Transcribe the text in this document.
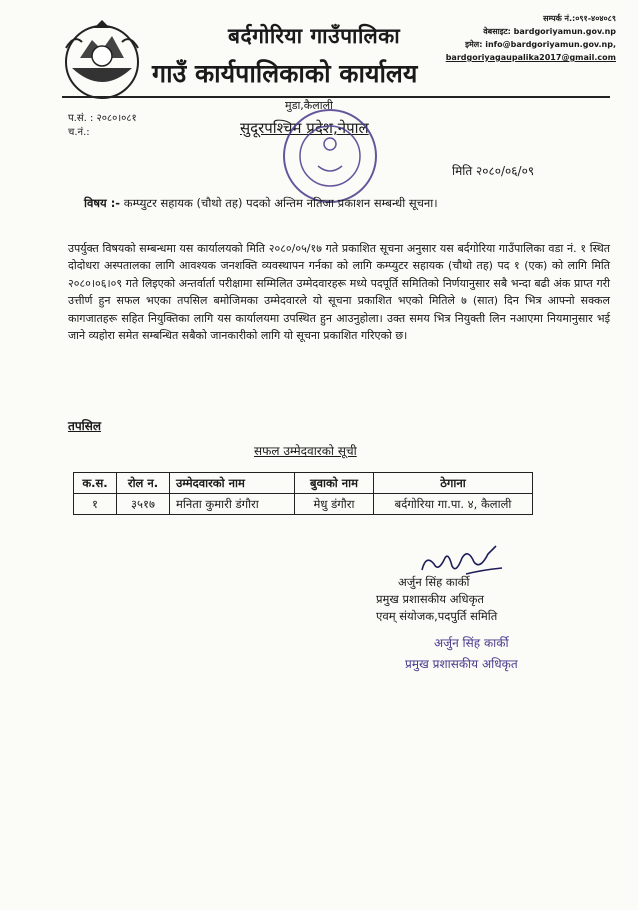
बर्दगोरिया गाउँपालिका
गाउँ कार्यपालिकाको कार्यालय
सम्पर्क नं.:०९१-४०४०८९
वेबसाइट: bardgoriyamun.gov.np
इमेल: info@bardgoriyamun.gov.np,
bardgoriyagaupalika2017@gmail.com
प.सं. : २०८०।०८१
च.नं.:
मुडा,कैलाली
सुदूरपश्चिम प्रदेश,नेपाल
मिति २०८०/०६/०९
विषय :- कम्प्युटर सहायक (चौथो तह) पदको अन्तिम नतिजा प्रकाशन सम्बन्धी सूचना।
उपर्युक्त विषयको सम्बन्धमा यस कार्यालयको मिति २०८०/०५/१७ गते प्रकाशित सूचना अनुसार यस बर्दगोरिया गाउँपालिका वडा नं. १ स्थित दोदोधरा अस्पतालका लागि आवश्यक जनशक्ति व्यवस्थापन गर्नका को लागि कम्प्युटर सहायक (चौथो तह) पद १ (एक) को लागि मिति २०८०।०६।०९ गते लिइएको अन्तर्वार्ता परीक्षामा सम्मिलित उम्मेदवारहरू मध्ये पदपूर्ति समितिको निर्णयानुसार सबै भन्दा बढी अंक प्राप्त गरी उत्तीर्ण हुन सफल भएका तपसिल बमोजिमका उम्मेदवारले यो सूचना प्रकाशित भएको मितिले ७ (सात) दिन भित्र आफ्नो सक्कल कागजातहरू सहित नियुक्तिका लागि यस कार्यालयमा उपस्थित हुन आउनुहोला। उक्त समय भित्र नियुक्ती लिन नआएमा नियमानुसार भई जाने व्यहोरा समेत सम्बन्धित सबैको जानकारीको लागि यो सूचना प्रकाशित गरिएको छ।
तपसिल
सफल उम्मेदवारको सूची
क.स.	रोल न.	उम्मेदवारको नाम	बुवाको नाम	ठेगाना
१	३५१७	मनिता कुमारी डंगौरा	मेधु डंगौरा	बर्दगोरिया गा.पा. ४, कैलाली
अर्जुन सिंह कार्की
प्रमुख प्रशासकीय अधिकृत
एवम् संयोजक,पदपुर्ति समिति
अर्जुन सिंह कार्की
प्रमुख प्रशासकीय अधिकृत
